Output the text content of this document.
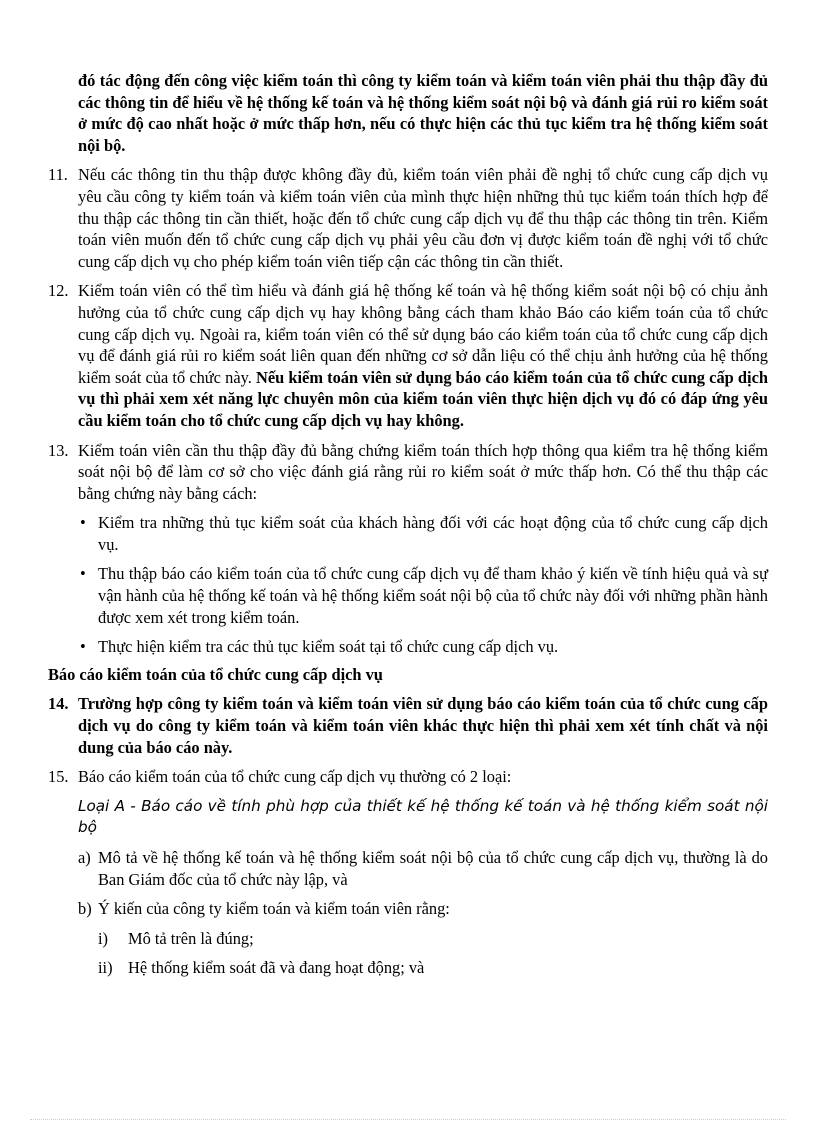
đó tác động đến công việc kiểm toán thì công ty kiểm toán và kiểm toán viên phải thu thập đầy đủ các thông tin để hiểu về hệ thống kế toán và hệ thống kiểm soát nội bộ và đánh giá rủi ro kiểm soát ở mức độ cao nhất hoặc ở mức thấp hơn, nếu có thực hiện các thủ tục kiểm tra hệ thống kiểm soát nội bộ.

11. Nếu các thông tin thu thập được không đầy đủ, kiểm toán viên phải đề nghị tổ chức cung cấp dịch vụ yêu cầu công ty kiểm toán và kiểm toán viên của mình thực hiện những thủ tục kiểm toán thích hợp để thu thập các thông tin cần thiết, hoặc đến tổ chức cung cấp dịch vụ để thu thập các thông tin trên. Kiểm toán viên muốn đến tổ chức cung cấp dịch vụ phải yêu cầu đơn vị được kiểm toán đề nghị với tổ chức cung cấp dịch vụ cho phép kiểm toán viên tiếp cận các thông tin cần thiết.
12. Kiểm toán viên có thể tìm hiểu và đánh giá hệ thống kế toán và hệ thống kiểm soát nội bộ có chịu ảnh hưởng của tổ chức cung cấp dịch vụ hay không bằng cách tham khảo Báo cáo kiểm toán của tổ chức cung cấp dịch vụ. Ngoài ra, kiểm toán viên có thể sử dụng báo cáo kiểm toán của tổ chức cung cấp dịch vụ để đánh giá rủi ro kiểm soát liên quan đến những cơ sở dẫn liệu có thể chịu ảnh hưởng của hệ thống kiểm soát của tổ chức này. Nếu kiểm toán viên sử dụng báo cáo kiểm toán của tổ chức cung cấp dịch vụ thì phải xem xét năng lực chuyên môn của kiểm toán viên thực hiện dịch vụ đó có đáp ứng yêu cầu kiểm toán cho tổ chức cung cấp dịch vụ hay không.
13. Kiểm toán viên cần thu thập đầy đủ bằng chứng kiểm toán thích hợp thông qua kiểm tra hệ thống kiểm soát nội bộ để làm cơ sở cho việc đánh giá rằng rủi ro kiểm soát ở mức thấp hơn. Có thể thu thập các bằng chứng này bằng cách:
• Kiểm tra những thủ tục kiểm soát của khách hàng đối với các hoạt động của tổ chức cung cấp dịch vụ.
• Thu thập báo cáo kiểm toán của tổ chức cung cấp dịch vụ để tham khảo ý kiến về tính hiệu quả và sự vận hành của hệ thống kế toán và hệ thống kiểm soát nội bộ của tổ chức này đối với những phần hành được xem xét trong kiểm toán.
• Thực hiện kiểm tra các thủ tục kiểm soát tại tổ chức cung cấp dịch vụ.
Báo cáo kiểm toán của tổ chức cung cấp dịch vụ
14. Trường hợp công ty kiểm toán và kiểm toán viên sử dụng báo cáo kiểm toán của tổ chức cung cấp dịch vụ do công ty kiểm toán và kiểm toán viên khác thực hiện thì phải xem xét tính chất và nội dung của báo cáo này.
15. Báo cáo kiểm toán của tổ chức cung cấp dịch vụ thường có 2 loại:
Loại A - Báo cáo về tính phù hợp của thiết kế hệ thống kế toán và hệ thống kiểm soát nội bộ
a) Mô tả về hệ thống kế toán và hệ thống kiểm soát nội bộ của tổ chức cung cấp dịch vụ, thường là do Ban Giám đốc của tổ chức này lập, và
b) Ý kiến của công ty kiểm toán và kiểm toán viên rằng:
i) Mô tả trên là đúng;
ii) Hệ thống kiểm soát đã và đang hoạt động; và
